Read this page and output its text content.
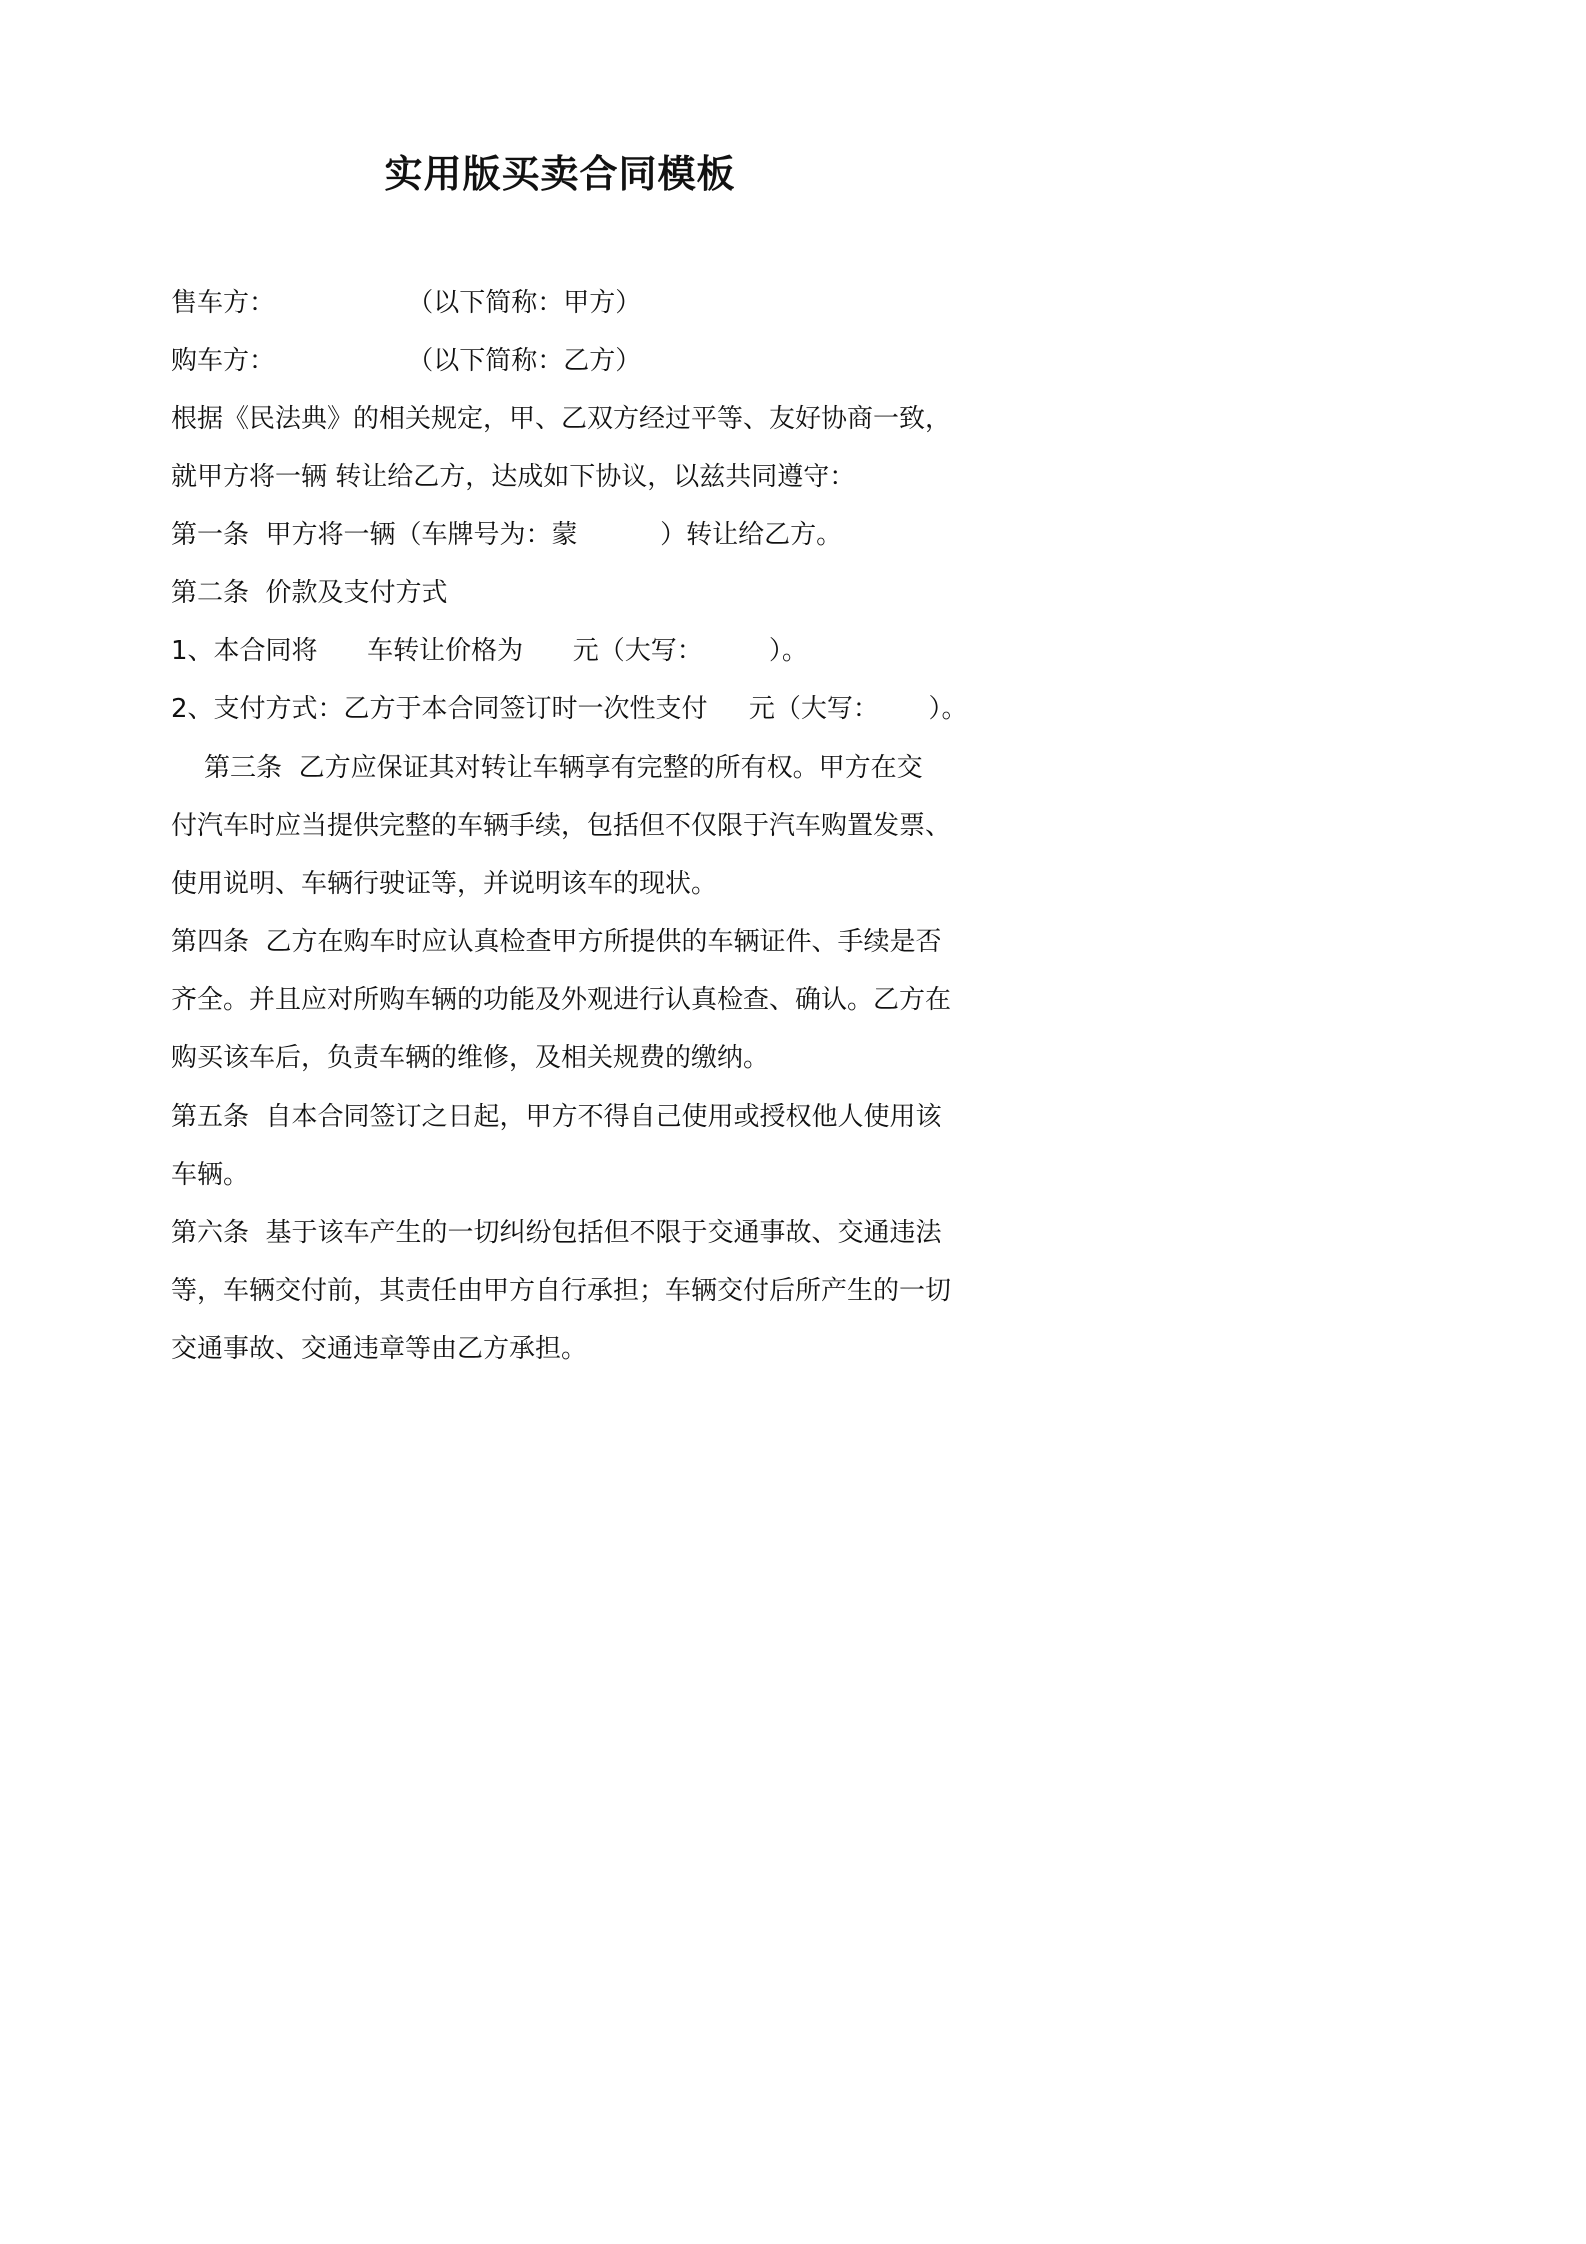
实用版买卖合同模板

售车方：                （以下简称：甲方）

购车方：                （以下简称：乙方）

根据《民法典》的相关规定，甲、乙双方经过平等、友好协商一致，

就甲方将一辆 转让给乙方，达成如下协议，以兹共同遵守：

第一条  甲方将一辆（车牌号为：蒙          ）转让给乙方。

第二条  价款及支付方式

1、本合同将      车转让价格为      元（大写：        ）。

2、支付方式：乙方于本合同签订时一次性支付     元（大写：      ）。

第三条  乙方应保证其对转让车辆享有完整的所有权。甲方在交

付汽车时应当提供完整的车辆手续，包括但不仅限于汽车购置发票、

使用说明、车辆行驶证等，并说明该车的现状。

第四条  乙方在购车时应认真检查甲方所提供的车辆证件、手续是否

齐全。并且应对所购车辆的功能及外观进行认真检查、确认。乙方在

购买该车后，负责车辆的维修，及相关规费的缴纳。

第五条  自本合同签订之日起，甲方不得自己使用或授权他人使用该

车辆。

第六条  基于该车产生的一切纠纷包括但不限于交通事故、交通违法

等，车辆交付前，其责任由甲方自行承担；车辆交付后所产生的一切

交通事故、交通违章等由乙方承担。
